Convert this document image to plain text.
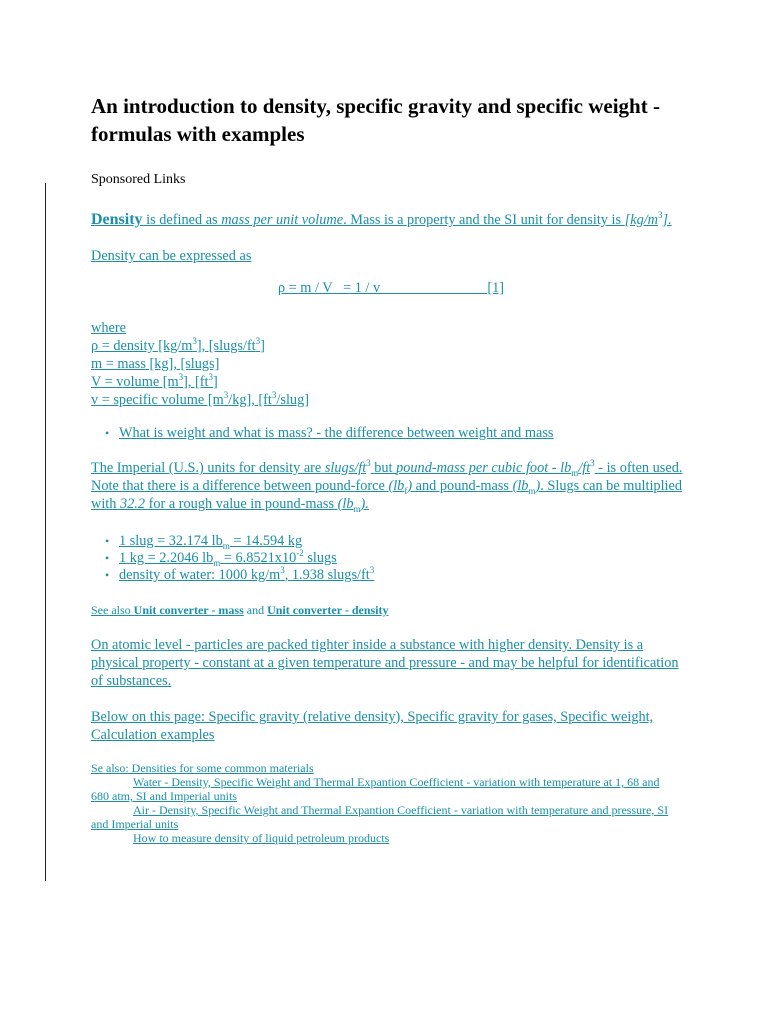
An introduction to density, specific gravity and specific weight - formulas with examples
Sponsored Links
Density is defined as mass per unit volume. Mass is a property and the SI unit for density is $[kg/m^3]$.
Density can be expressed as
ρ = m / V   = 1 / v                              [1]
where
ρ = density $[kg/m^3]$, $[slugs/ft^3]$
m = mass [kg], [slugs]
V = volume $[m^3]$, $[ft^3]$
v = specific volume $[m^3/kg]$, $[ft^3/slug]$
• What is weight and what is mass? - the difference between weight and mass
The Imperial (U.S.) units for density are slugs/$ft^3$ but pound-mass per cubic foot - $lb_m/ft^3$ - is often used. Note that there is a difference between pound-force $(lb_f)$ and pound-mass $(lb_m)$. Slugs can be multiplied with 32.2 for a rough value in pound-mass $(lb_m)$.
• 1 slug = 32.174 $lb_m = 14.594$ kg
• 1 kg = 2.2046 $lb_m = 6.8521x10^{-2}$ slugs
• density of water: 1000 $kg/m^3$, 1.938 slugs/$ft^3$
See also Unit converter - mass and Unit converter - density
On atomic level - particles are packed tighter inside a substance with higher density. Density is a physical property - constant at a given temperature and pressure - and may be helpful for identification of substances.
Below on this page: Specific gravity (relative density), Specific gravity for gases, Specific weight, Calculation examples
Se also: Densities for some common materials
Water - Density, Specific Weight and Thermal Expantion Coefficient - variation with temperature at 1, 68 and 680 atm, SI and Imperial units
Air - Density, Specific Weight and Thermal Expantion Coefficient - variation with temperature and pressure, SI and Imperial units
How to measure density of liquid petroleum products
